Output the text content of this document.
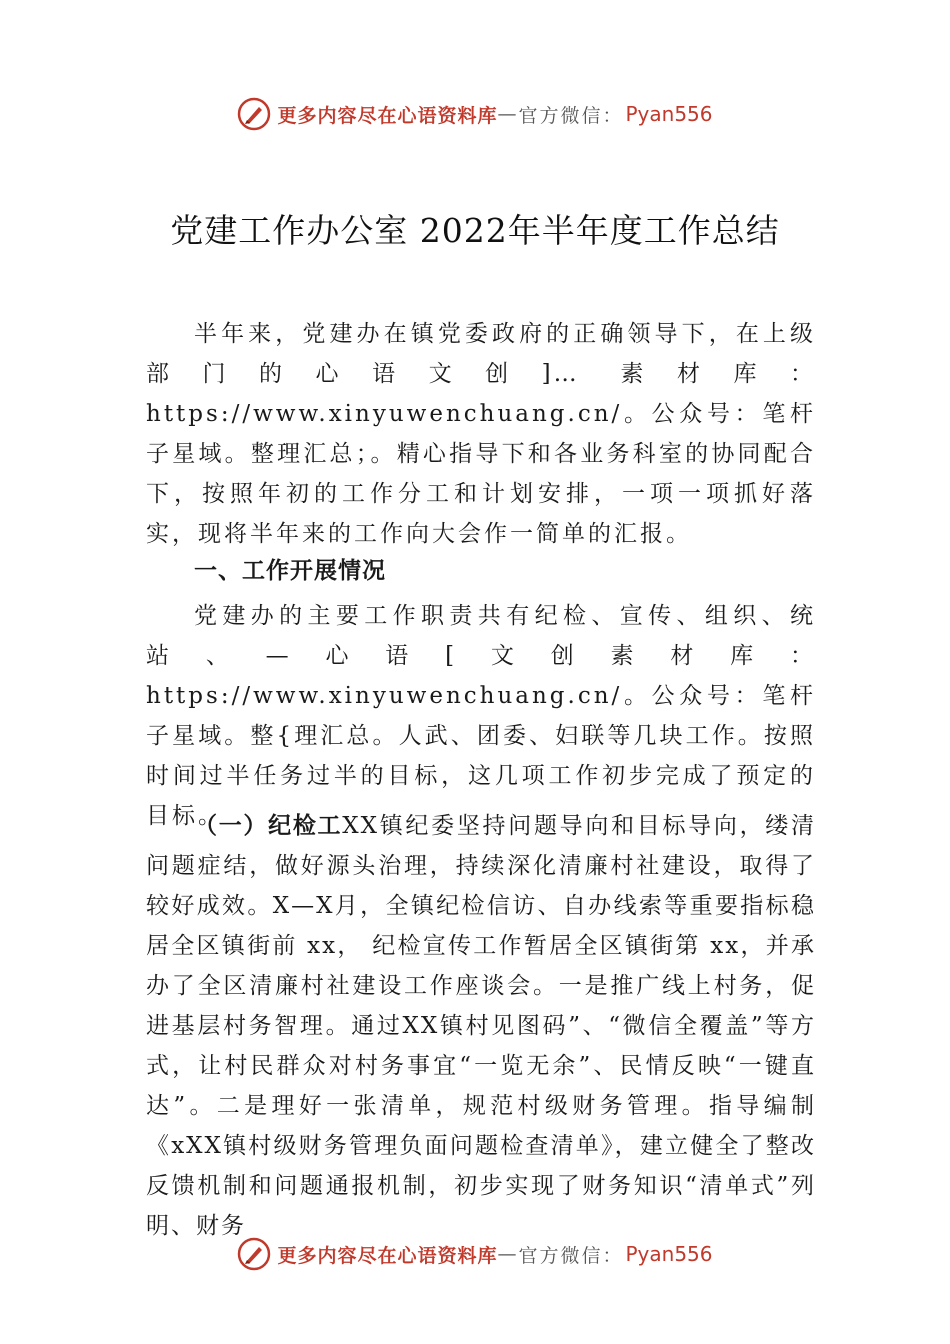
更多内容尽在心语资料库 — 官方微信： Pyan556
党建工作办公室 2022年半年度工作总结

半年来，党建办在镇党委政府的正确领导下，在上级部门的心语文创]… 素材库：https://www.xinyuwenchuang.cn/。公众号：笔杆子星域。整理汇总；。精心指导下和各业务科室的协同配合下，按照年初的工作分工和计划安排，一项一项抓好落实，现将半年来的工作向大会作一简单的汇报。

一、工作开展情况

党建办的主要工作职责共有纪检、宣传、组织、统站、—心语[文创素材库：https://www.xinyuwenchuang.cn/。公众号：笔杆子星域。整{理汇总。人武、团委、妇联等几块工作。按照时间过半任务过半的目标，这几项工作初步完成了预定的目标。

（一）纪检工XX镇纪委坚持问题导向和目标导向，缕清问题症结，做好源头治理，持续深化清廉村社建设，取得了较好成效。X—X月，全镇纪检信访、自办线索等重要指标稳居全区镇街前 xx， 纪检宣传工作暂居全区镇街第 xx，并承办了全区清廉村社建设工作座谈会。一是推广线上村务，促进基层村务智理。通过XX镇村见图码”、“微信全覆盖”等方式，让村民群众对村务事宜“一览无余”、民情反映“一键直达”。二是理好一张清单，规范村级财务管理。指导编制《xXX镇村级财务管理负面问题检查清单》，建立健全了整改反馈机制和问题通报机制，初步实现了财务知识“清单式”列明、财务

更多内容尽在心语资料库 — 官方微信： Pyan556
